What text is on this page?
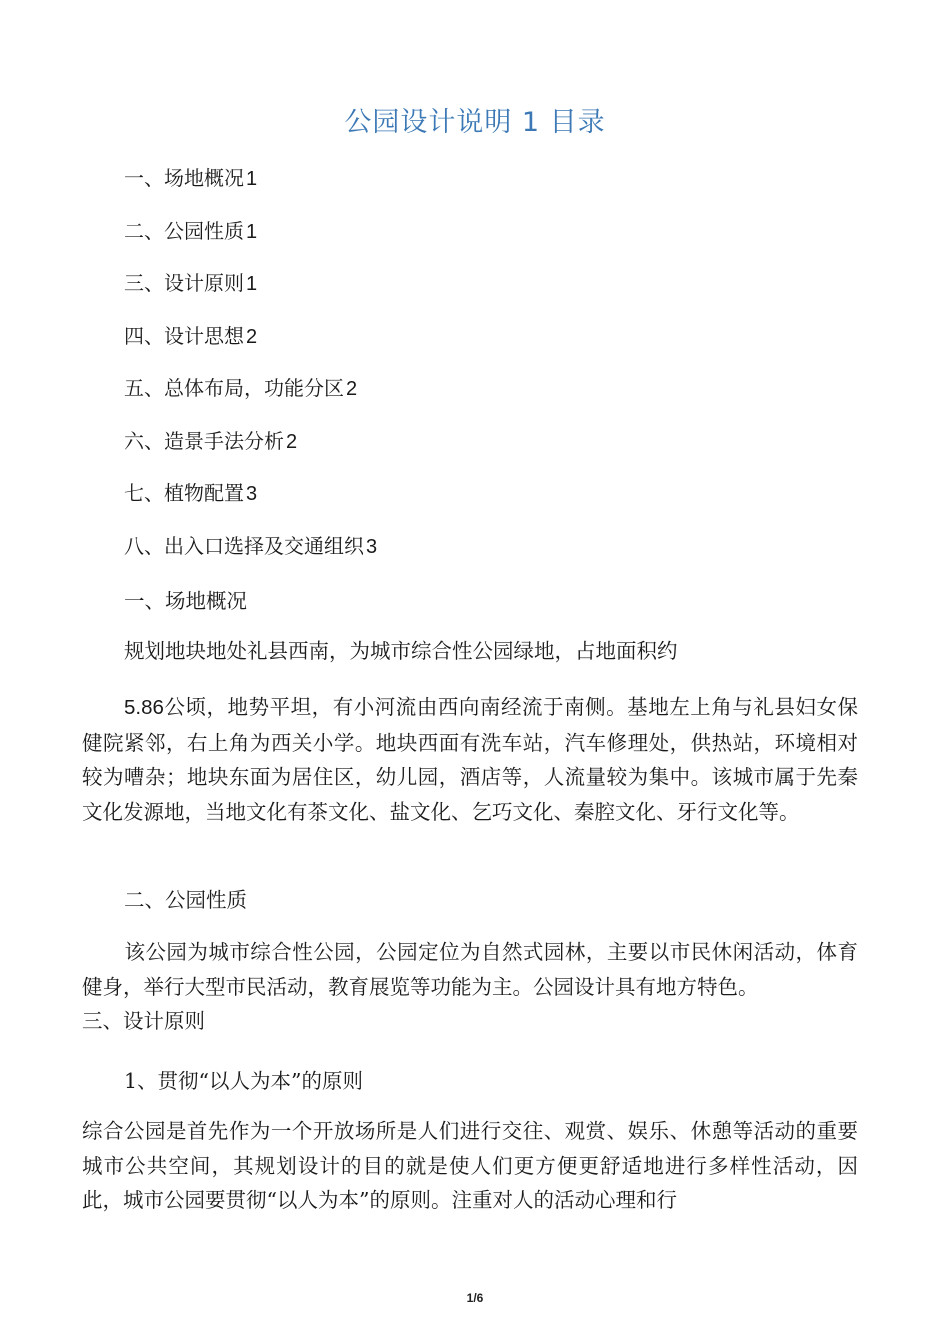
公园设计说明 1 目录
一、场地概况 1
二、公园性质 1
三、设计原则 1
四、设计思想 2
五、总体布局，功能分区 2
六、造景手法分析 2
七、植物配置 3
八、出入口选择及交通组织 3
一、场地概况
规划地块地处礼县西南，为城市综合性公园绿地，占地面积约
5.86公顷，地势平坦，有小河流由西向南经流于南侧。基地左上角与礼县妇女保健院紧邻，右上角为西关小学。地块西面有洗车站，汽车修理处，供热站，环境相对较为嘈杂；地块东面为居住区，幼儿园，酒店等，人流量较为集中。该城市属于先秦文化发源地，当地文化有茶文化、盐文化、乞巧文化、秦腔文化、牙行文化等。
二、公园性质
该公园为城市综合性公园，公园定位为自然式园林，主要以市民休闲活动，体育健身，举行大型市民活动，教育展览等功能为主。公园设计具有地方特色。
三、设计原则
1、贯彻“以人为本”的原则
综合公园是首先作为一个开放场所是人们进行交往、观赏、娱乐、休憩等活动的重要城市公共空间，其规划设计的目的就是使人们更方便更舒适地进行多样性活动，因此，城市公园要贯彻“以人为本”的原则。注重对人的活动心理和行
1/6
